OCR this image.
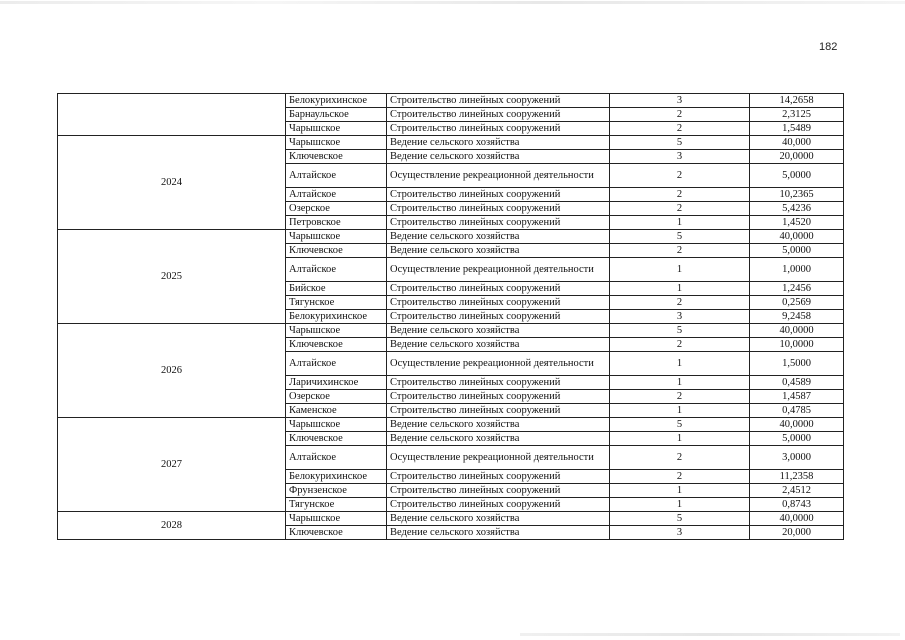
182
	Белокурихинское	Строительство линейных сооружений	3	14,2658
	Барнаульское	Строительство линейных сооружений	2	2,3125
	Чарышское	Строительство линейных сооружений	2	1,5489
2024	Чарышское	Ведение сельского хозяйства	5	40,000
	Ключевское	Ведение сельского хозяйства	3	20,0000
	Алтайское	Осуществление рекреационной деятельности	2	5,0000
	Алтайское	Строительство линейных сооружений	2	10,2365
	Озерское	Строительство линейных сооружений	2	5,4236
	Петровское	Строительство линейных сооружений	1	1,4520
2025	Чарышское	Ведение сельского хозяйства	5	40,0000
	Ключевское	Ведение сельского хозяйства	2	5,0000
	Алтайское	Осуществление рекреационной деятельности	1	1,0000
	Бийское	Строительство линейных сооружений	1	1,2456
	Тягунское	Строительство линейных сооружений	2	0,2569
	Белокурихинское	Строительство линейных сооружений	3	9,2458
2026	Чарышское	Ведение сельского хозяйства	5	40,0000
	Ключевское	Ведение сельского хозяйства	2	10,0000
	Алтайское	Осуществление рекреационной деятельности	1	1,5000
	Ларичихинское	Строительство линейных сооружений	1	0,4589
	Озерское	Строительство линейных сооружений	2	1,4587
	Каменское	Строительство линейных сооружений	1	0,4785
2027	Чарышское	Ведение сельского хозяйства	5	40,0000
	Ключевское	Ведение сельского хозяйства	1	5,0000
	Алтайское	Осуществление рекреационной деятельности	2	3,0000
	Белокурихинское	Строительство линейных сооружений	2	11,2358
	Фрунзенское	Строительство линейных сооружений	1	2,4512
	Тягунское	Строительство линейных сооружений	1	0,8743
2028	Чарышское	Ведение сельского хозяйства	5	40,0000
	Ключевское	Ведение сельского хозяйства	3	20,000
